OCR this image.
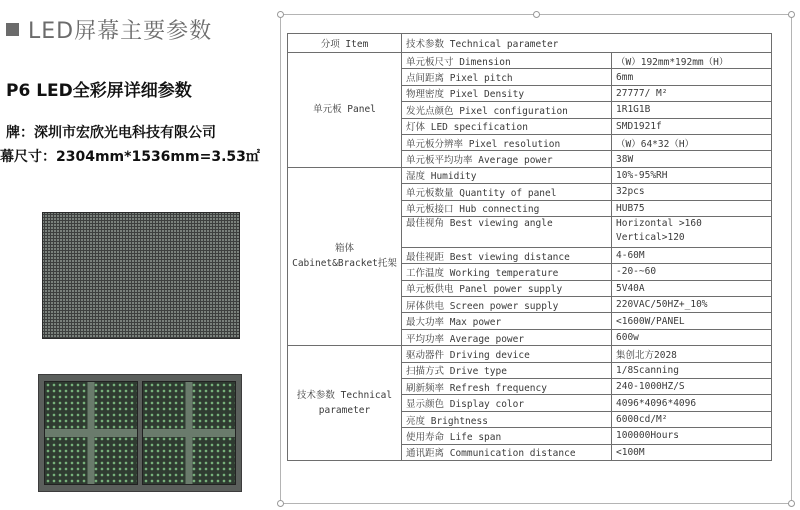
LED屏幕主要参数
P6 LED全彩屏详细参数
牌：深圳市宏欣光电科技有限公司
幕尺寸：2304mm*1536mm=3.53㎡
分项 Item	技术参数 Technical parameter	
单元板 Panel	单元板尺寸 Dimension	（W）192mm*192mm（H）
	点间距离 Pixel pitch	6mm
	物理密度 Pixel Density	27777/ M²
	发光点颜色 Pixel configuration	1R1G1B
	灯体 LED specification	SMD1921f
	单元板分辨率 Pixel resolution	（W）64*32（H）
	单元板平均功率 Average power	38W
箱体 Cabinet&Bracket托架	湿度 Humidity	10%-95%RH
	单元板数量 Quantity of panel	32pcs
	单元板接口 Hub connecting	HUB75
	最佳视角 Best viewing angle	Horizontal >160 Vertical>120
	最佳视距 Best viewing distance	4-60M
	工作温度 Working temperature	-20-~60
	单元板供电 Panel power supply	5V40A
	屏体供电 Screen power supply	220VAC/50HZ+_10%
	最大功率 Max power	<1600W/PANEL
	平均功率 Average power	600w
技术参数 Technical parameter	驱动器件 Driving device	集创北方2028
	扫描方式 Drive type	1/8Scanning
	刷新频率 Refresh frequency	240-1000HZ/S
	显示颜色 Display color	4096*4096*4096
	亮度 Brightness	6000cd/M²
	使用寿命 Life span	100000Hours
	通讯距离 Communication distance	<100M
